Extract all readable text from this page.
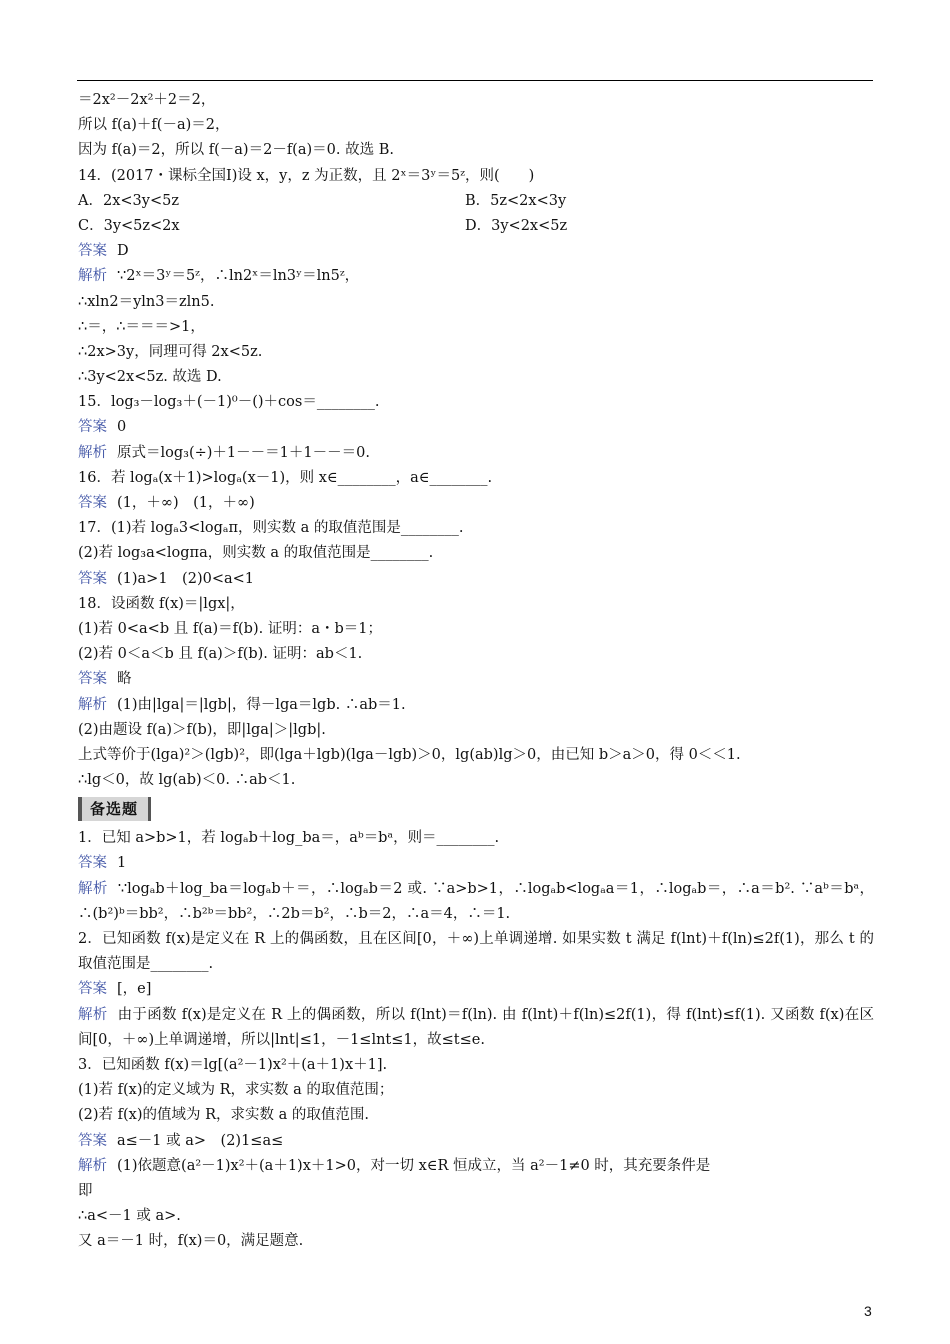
＝2x²－2x²＋2＝2，
所以 f(a)＋f(－a)＝2，
因为 f(a)＝2，所以 f(－a)＝2－f(a)＝0. 故选 B.
14．(2017・课标全国Ⅰ)设 x，y，z 为正数，且 2ˣ＝3ʸ＝5ᶻ，则(　　)
A．2x<3y<5z	B．5z<2x<3y
C．3y<5z<2x	D．3y<2x<5z
答案 D
解析 ∵2ˣ＝3ʸ＝5ᶻ，∴ln2ˣ＝ln3ʸ＝ln5ᶻ，
∴xln2＝yln3＝zln5.
∴＝，∴＝＝＝>1，
∴2x>3y，同理可得 2x<5z.
∴3y<2x<5z. 故选 D.
15．log₃－log₃＋(－1)⁰－()＋cos＝________.
答案 0
解析 原式＝log₃(÷)＋1－－＝1＋1－－＝0.
16．若 logₐ(x＋1)>logₐ(x－1)，则 x∈________，a∈________.
答案 (1，＋∞)　(1，＋∞)
17．(1)若 logₐ3<logₐπ，则实数 a 的取值范围是________.
(2)若 log₃a<logπa，则实数 a 的取值范围是________.
答案 (1)a>1　(2)0<a<1
18．设函数 f(x)＝|lgx|，
(1)若 0<a<b 且 f(a)＝f(b). 证明：a・b＝1；
(2)若 0＜a＜b 且 f(a)＞f(b). 证明：ab＜1.
答案 略
解析 (1)由|lga|＝|lgb|，得－lga＝lgb. ∴ab＝1.
(2)由题设 f(a)＞f(b)，即|lga|＞|lgb|.
上式等价于(lga)²＞(lgb)²，即(lga＋lgb)(lga－lgb)＞0，lg(ab)lg＞0，由已知 b＞a＞0，得 0＜＜1.
∴lg＜0，故 lg(ab)＜0. ∴ab＜1.
备选题
1．已知 a>b>1，若 logₐb＋log_ba＝，aᵇ＝bᵃ，则＝________.
答案 1
解析 ∵logₐb＋log_ba＝logₐb＋＝，∴logₐb＝2 或. ∵a>b>1，∴logₐb<logₐa＝1，∴logₐb＝，∴a＝b². ∵aᵇ＝bᵃ，∴(b²)ᵇ＝bb²，∴b²ᵇ＝bb²，∴2b＝b²，∴b＝2，∴a＝4，∴＝1.
2．已知函数 f(x)是定义在 R 上的偶函数，且在区间[0，＋∞)上单调递增. 如果实数 t 满足 f(lnt)＋f(ln)≤2f(1)，那么 t 的取值范围是________.
答案 [，e]
解析 由于函数 f(x)是定义在 R 上的偶函数，所以 f(lnt)＝f(ln). 由 f(lnt)＋f(ln)≤2f(1)，得 f(lnt)≤f(1). 又函数 f(x)在区间[0，＋∞)上单调递增，所以|lnt|≤1，－1≤lnt≤1，故≤t≤e.
3．已知函数 f(x)＝lg[(a²－1)x²＋(a＋1)x＋1].
(1)若 f(x)的定义域为 R，求实数 a 的取值范围；
(2)若 f(x)的值域为 R，求实数 a 的取值范围.
答案 a≤－1 或 a>　(2)1≤a≤
解析 (1)依题意(a²－1)x²＋(a＋1)x＋1>0，对一切 x∈R 恒成立，当 a²－1≠0 时，其充要条件是
即
∴a<－1 或 a>.
又 a＝－1 时，f(x)＝0，满足题意.
3
